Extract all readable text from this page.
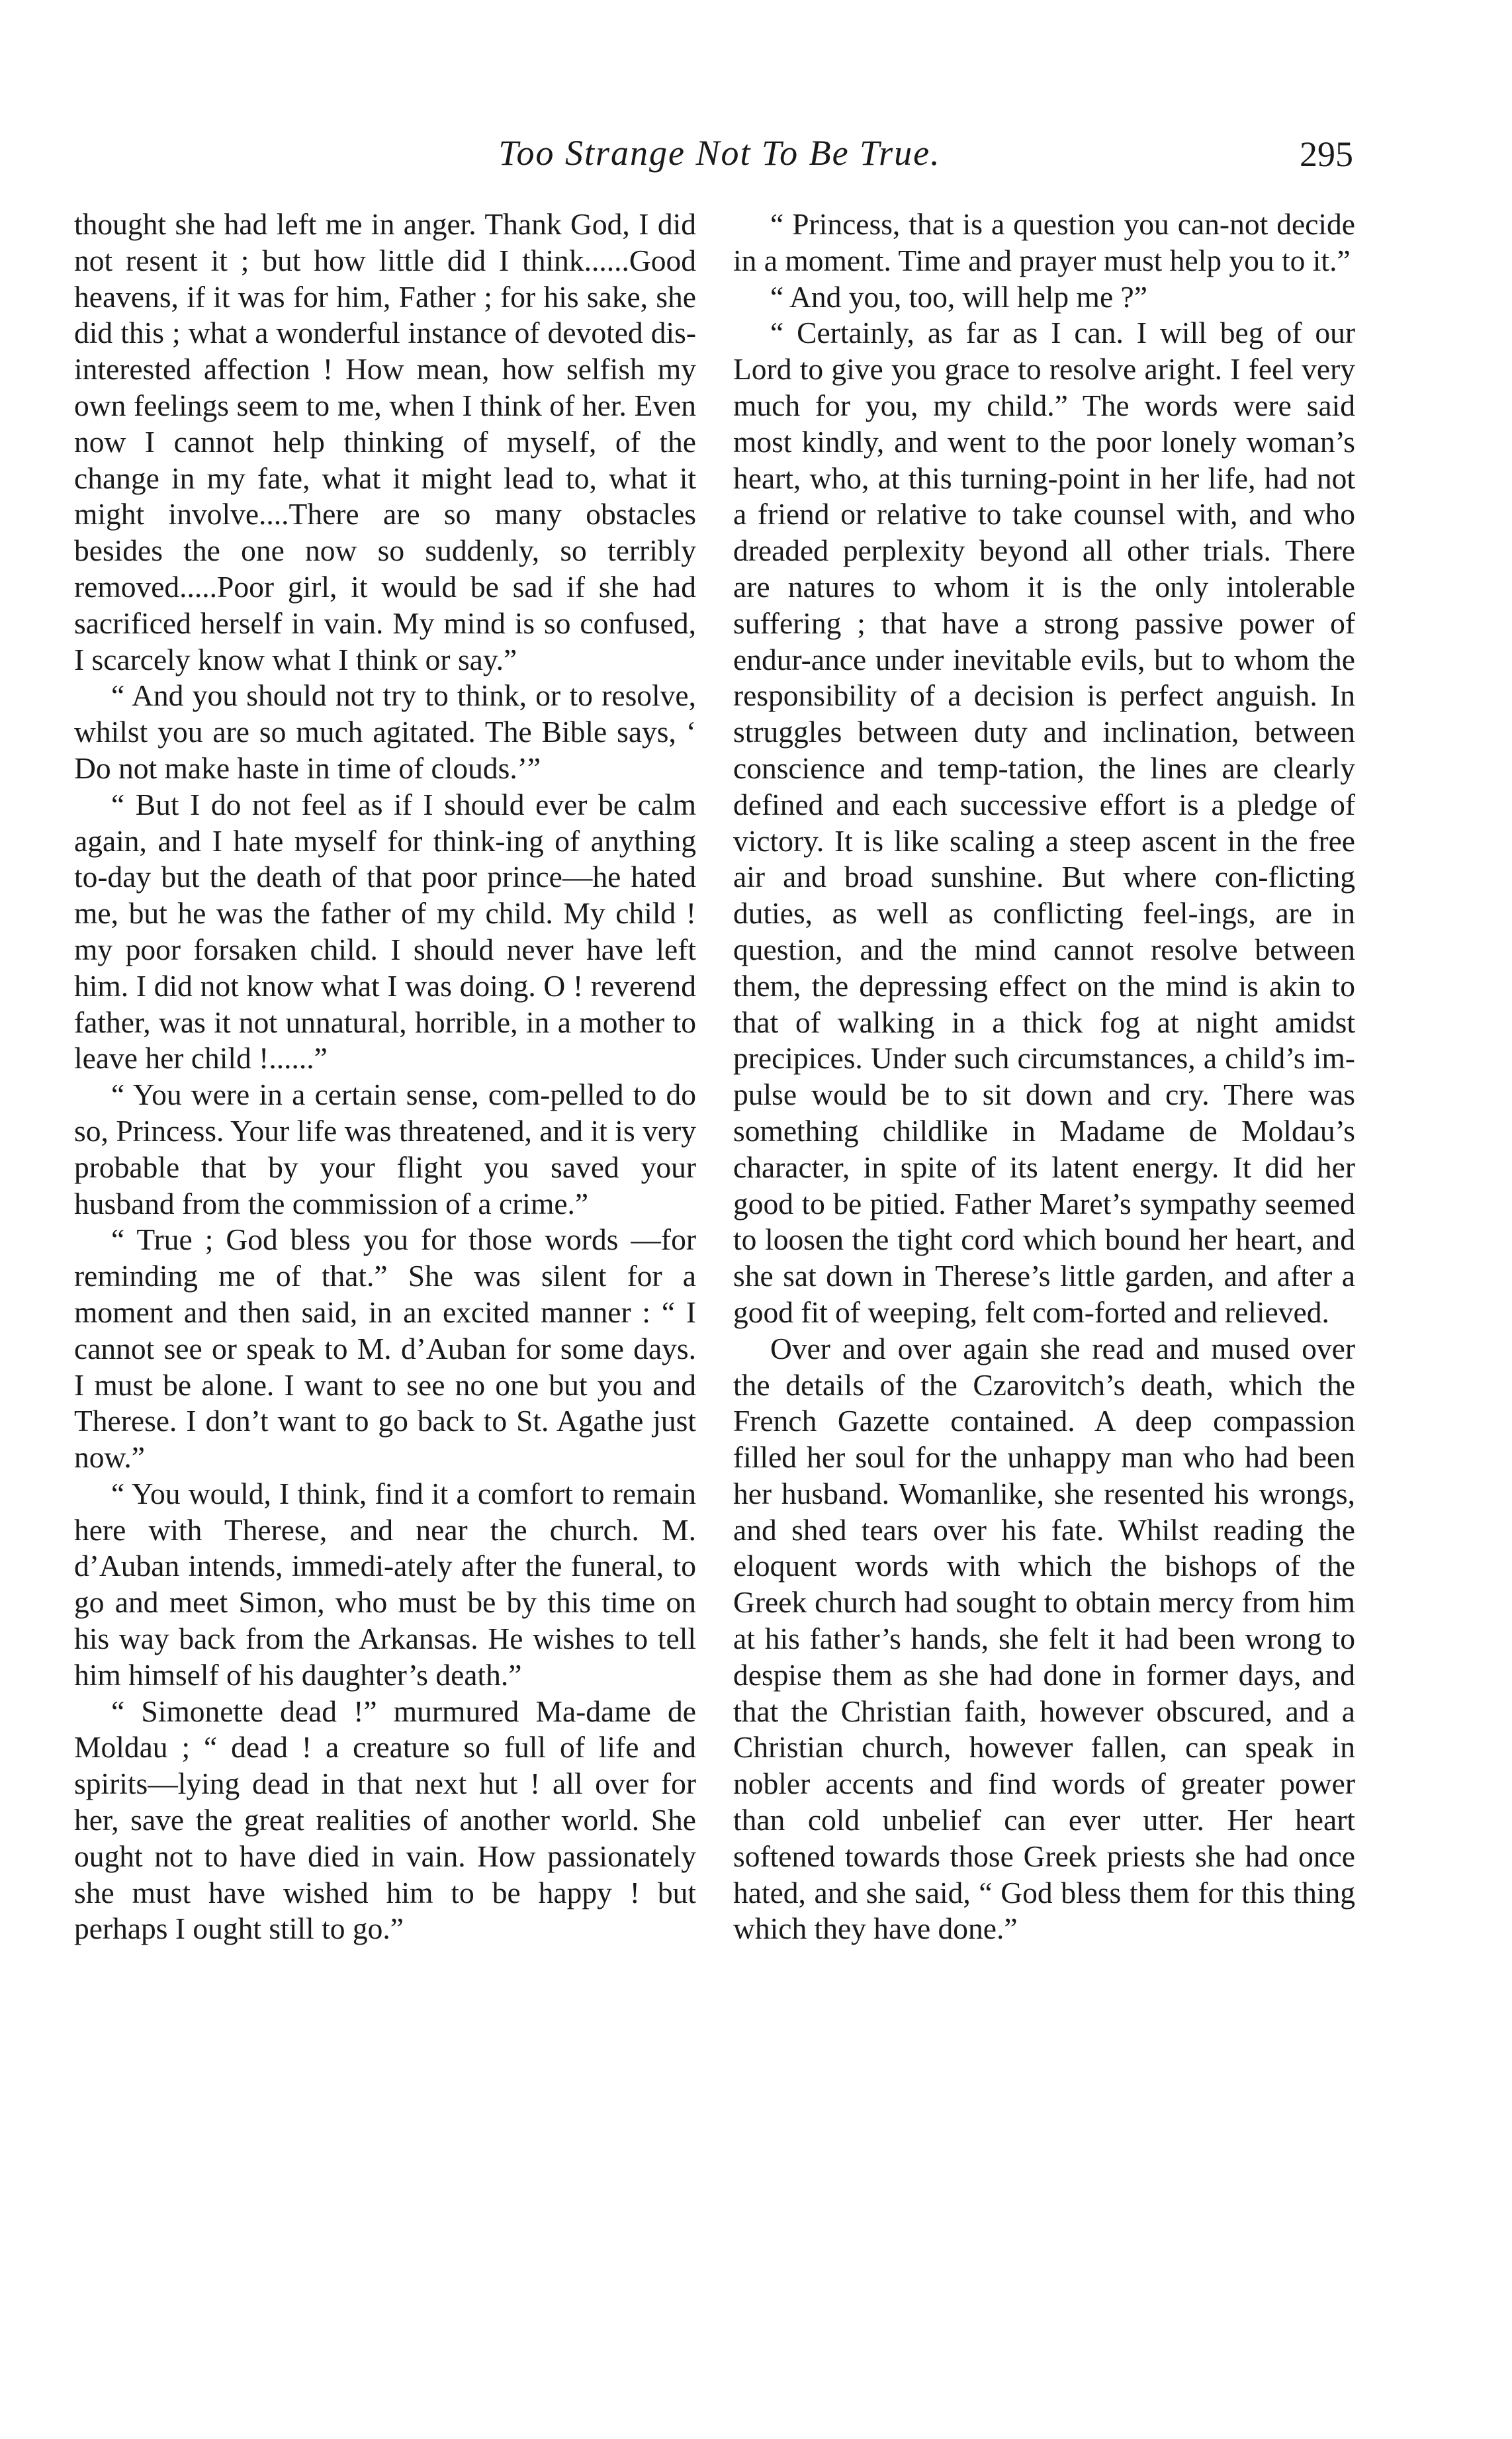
Too Strange Not To Be True.	295

thought she had left me in anger. Thank God, I did not resent it ; but how little did I think......Good heavens, if it was for him, Father ; for his sake, she did this ; what a wonderful instance of devoted dis-interested affection ! How mean, how selfish my own feelings seem to me, when I think of her. Even now I cannot help thinking of myself, of the change in my fate, what it might lead to, what it might involve....There are so many obstacles besides the one now so suddenly, so terribly removed.....Poor girl, it would be sad if she had sacrificed herself in vain. My mind is so confused, I scarcely know what I think or say.”

“ And you should not try to think, or to resolve, whilst you are so much agitated. The Bible says, ‘ Do not make haste in time of clouds.’”

“ But I do not feel as if I should ever be calm again, and I hate myself for think-ing of anything to-day but the death of that poor prince—he hated me, but he was the father of my child. My child ! my poor forsaken child. I should never have left him. I did not know what I was doing. O ! reverend father, was it not unnatural, horrible, in a mother to leave her child !......”

“ You were in a certain sense, com-pelled to do so, Princess. Your life was threatened, and it is very probable that by your flight you saved your husband from the commission of a crime.”

“ True ; God bless you for those words —for reminding me of that.” She was silent for a moment and then said, in an excited manner : “ I cannot see or speak to M. d’Auban for some days. I must be alone. I want to see no one but you and Therese. I don’t want to go back to St. Agathe just now.”

“ You would, I think, find it a comfort to remain here with Therese, and near the church. M. d’Auban intends, immedi-ately after the funeral, to go and meet Simon, who must be by this time on his way back from the Arkansas. He wishes to tell him himself of his daughter’s death.”

“ Simonette dead !” murmured Ma-dame de Moldau ; “ dead ! a creature so full of life and spirits—lying dead in that next hut ! all over for her, save the great realities of another world. She ought not to have died in vain. How passionately she must have wished him to be happy ! but perhaps I ought still to go.”

“ Princess, that is a question you can-not decide in a moment. Time and prayer must help you to it.”

“ And you, too, will help me ?”

“ Certainly, as far as I can. I will beg of our Lord to give you grace to resolve aright. I feel very much for you, my child.” The words were said most kindly, and went to the poor lonely woman’s heart, who, at this turning-point in her life, had not a friend or relative to take counsel with, and who dreaded perplexity beyond all other trials. There are natures to whom it is the only intolerable suffering ; that have a strong passive power of endur-ance under inevitable evils, but to whom the responsibility of a decision is perfect anguish. In struggles between duty and inclination, between conscience and temp-tation, the lines are clearly defined and each successive effort is a pledge of victory. It is like scaling a steep ascent in the free air and broad sunshine. But where con-flicting duties, as well as conflicting feel-ings, are in question, and the mind cannot resolve between them, the depressing effect on the mind is akin to that of walking in a thick fog at night amidst precipices. Under such circumstances, a child’s im-pulse would be to sit down and cry. There was something childlike in Madame de Moldau’s character, in spite of its latent energy. It did her good to be pitied. Father Maret’s sympathy seemed to loosen the tight cord which bound her heart, and she sat down in Therese’s little garden, and after a good fit of weeping, felt com-forted and relieved.

Over and over again she read and mused over the details of the Czarovitch’s death, which the French Gazette contained. A deep compassion filled her soul for the unhappy man who had been her husband. Womanlike, she resented his wrongs, and shed tears over his fate. Whilst reading the eloquent words with which the bishops of the Greek church had sought to obtain mercy from him at his father’s hands, she felt it had been wrong to despise them as she had done in former days, and that the Christian faith, however obscured, and a Christian church, however fallen, can speak in nobler accents and find words of greater power than cold unbelief can ever utter. Her heart softened towards those Greek priests she had once hated, and she said, “ God bless them for this thing which they have done.”
